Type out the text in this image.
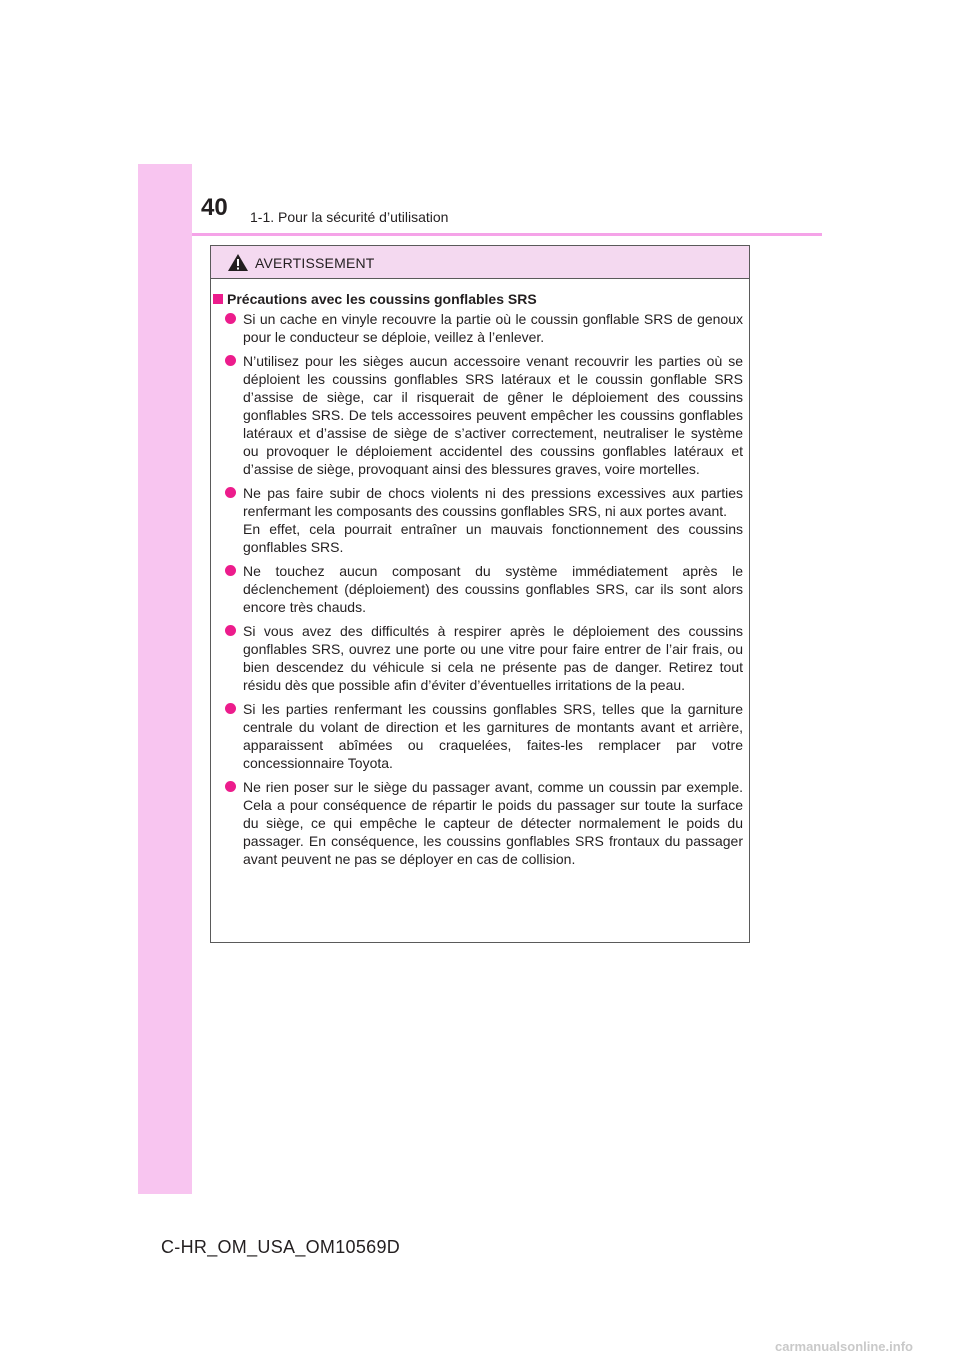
40 1-1. Pour la sécurité d’utilisation
AVERTISSEMENT
Précautions avec les coussins gonflables SRS

Si un cache en vinyle recouvre la partie où le coussin gonflable SRS de genoux pour le conducteur se déploie, veillez à l’enlever.

N’utilisez pour les sièges aucun accessoire venant recouvrir les parties où se déploient les coussins gonflables SRS latéraux et le coussin gonflable SRS d’assise de siège, car il risquerait de gêner le déploiement des coussins gonflables SRS. De tels accessoires peuvent empêcher les coussins gonflables latéraux et d’assise de siège de s’activer correctement, neutraliser le système ou provoquer le déploiement accidentel des coussins gonflables latéraux et d’assise de siège, provoquant ainsi des blessures graves, voire mortelles.

Ne pas faire subir de chocs violents ni des pressions excessives aux parties renfermant les composants des coussins gonflables SRS, ni aux portes avant.

En effet, cela pourrait entraîner un mauvais fonctionnement des coussins gonflables SRS.

Ne touchez aucun composant du système immédiatement après le déclenchement (déploiement) des coussins gonflables SRS, car ils sont alors encore très chauds.

Si vous avez des difficultés à respirer après le déploiement des coussins gonflables SRS, ouvrez une porte ou une vitre pour faire entrer de l’air frais, ou bien descendez du véhicule si cela ne présente pas de danger. Retirez tout résidu dès que possible afin d’éviter d’éventuelles irritations de la peau.

Si les parties renfermant les coussins gonflables SRS, telles que la garniture centrale du volant de direction et les garnitures de montants avant et arrière, apparaissent abîmées ou craquelées, faites-les remplacer par votre concessionnaire Toyota.

Ne rien poser sur le siège du passager avant, comme un coussin par exemple. Cela a pour conséquence de répartir le poids du passager sur toute la surface du siège, ce qui empêche le capteur de détecter normalement le poids du passager. En conséquence, les coussins gonflables SRS frontaux du passager avant peuvent ne pas se déployer en cas de collision.

C-HR_OM_USA_OM10569D
carmanualsonline.info
